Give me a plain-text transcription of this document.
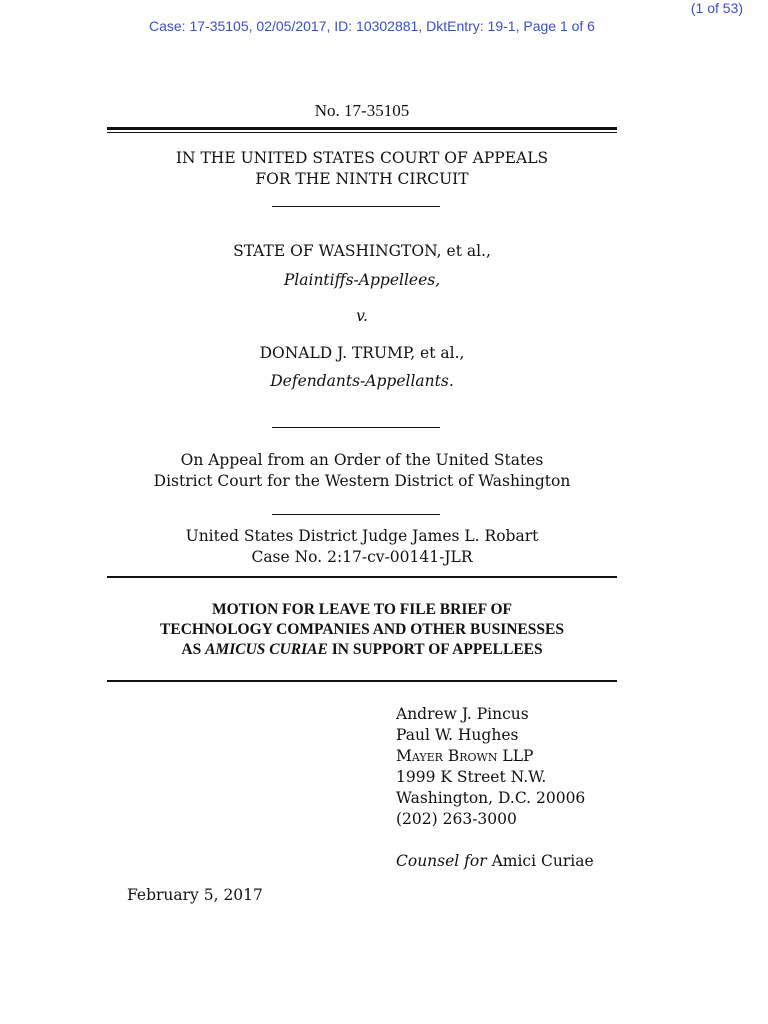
(1 of 53)
Case: 17-35105, 02/05/2017, ID: 10302881, DktEntry: 19-1, Page 1 of 6
No. 17-35105
IN THE UNITED STATES COURT OF APPEALS
FOR THE NINTH CIRCUIT
STATE OF WASHINGTON, et al.,
Plaintiffs-Appellees,
v.
DONALD J. TRUMP, et al.,
Defendants-Appellants.
On Appeal from an Order of the United States
District Court for the Western District of Washington
United States District Judge James L. Robart
Case No. 2:17-cv-00141-JLR
MOTION FOR LEAVE TO FILE BRIEF OF
TECHNOLOGY COMPANIES AND OTHER BUSINESSES
AS AMICUS CURIAE IN SUPPORT OF APPELLEES
Andrew J. Pincus
Paul W. Hughes
Mayer Brown LLP
1999 K Street N.W.
Washington, D.C. 20006
(202) 263-3000
Counsel for Amici Curiae
February 5, 2017
